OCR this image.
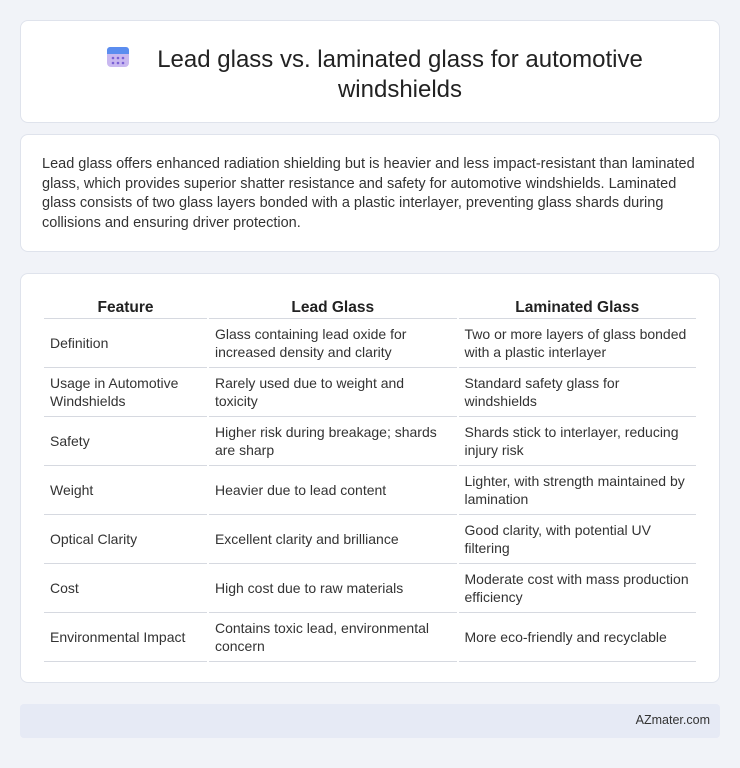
Lead glass vs. laminated glass for automotive windshields

Lead glass offers enhanced radiation shielding but is heavier and less impact-resistant than laminated glass, which provides superior shatter resistance and safety for automotive windshields. Laminated glass consists of two glass layers bonded with a plastic interlayer, preventing glass shards during collisions and ensuring driver protection.

Feature	Lead Glass	Laminated Glass
Definition	Glass containing lead oxide for increased density and clarity	Two or more layers of glass bonded with a plastic interlayer
Usage in Automotive Windshields	Rarely used due to weight and toxicity	Standard safety glass for windshields
Safety	Higher risk during breakage; shards are sharp	Shards stick to interlayer, reducing injury risk
Weight	Heavier due to lead content	Lighter, with strength maintained by lamination
Optical Clarity	Excellent clarity and brilliance	Good clarity, with potential UV filtering
Cost	High cost due to raw materials	Moderate cost with mass production efficiency
Environmental Impact	Contains toxic lead, environmental concern	More eco-friendly and recyclable
AZmater.com
